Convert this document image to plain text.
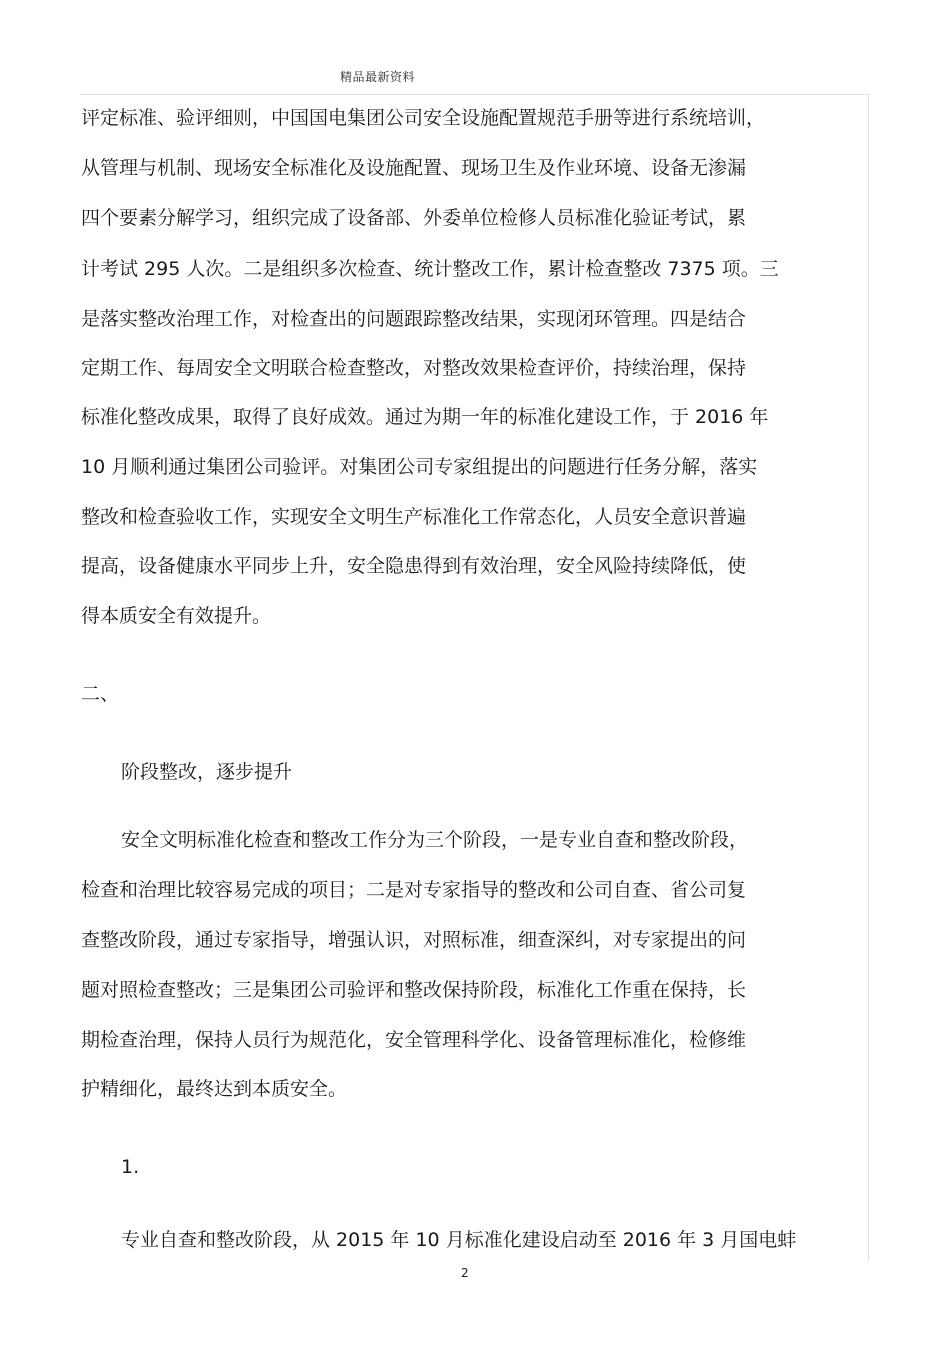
精品最新资料
评定标准、验评细则，中国国电集团公司安全设施配置规范手册等进行系统培训，
从管理与机制、现场安全标准化及设施配置、现场卫生及作业环境、设备无渗漏
四个要素分解学习，组织完成了设备部、外委单位检修人员标准化验证考试，累
计考试 295 人次。二是组织多次检查、统计整改工作，累计检查整改 7375 项。三
是落实整改治理工作，对检查出的问题跟踪整改结果，实现闭环管理。四是结合
定期工作、每周安全文明联合检查整改，对整改效果检查评价，持续治理，保持
标准化整改成果，取得了良好成效。通过为期一年的标准化建设工作，于 2016 年
10 月顺利通过集团公司验评。对集团公司专家组提出的问题进行任务分解，落实
整改和检查验收工作，实现安全文明生产标准化工作常态化，人员安全意识普遍
提高，设备健康水平同步上升，安全隐患得到有效治理，安全风险持续降低，使
得本质安全有效提升。
二、
阶段整改，逐步提升
安全文明标准化检查和整改工作分为三个阶段，一是专业自查和整改阶段，
检查和治理比较容易完成的项目；二是对专家指导的整改和公司自查、省公司复
查整改阶段，通过专家指导，增强认识，对照标准，细查深纠，对专家提出的问
题对照检查整改；三是集团公司验评和整改保持阶段，标准化工作重在保持，长
期检查治理，保持人员行为规范化，安全管理科学化、设备管理标准化，检修维
护精细化，最终达到本质安全。
1.
专业自查和整改阶段，从 2015 年 10 月标准化建设启动至 2016 年 3 月国电蚌
2
